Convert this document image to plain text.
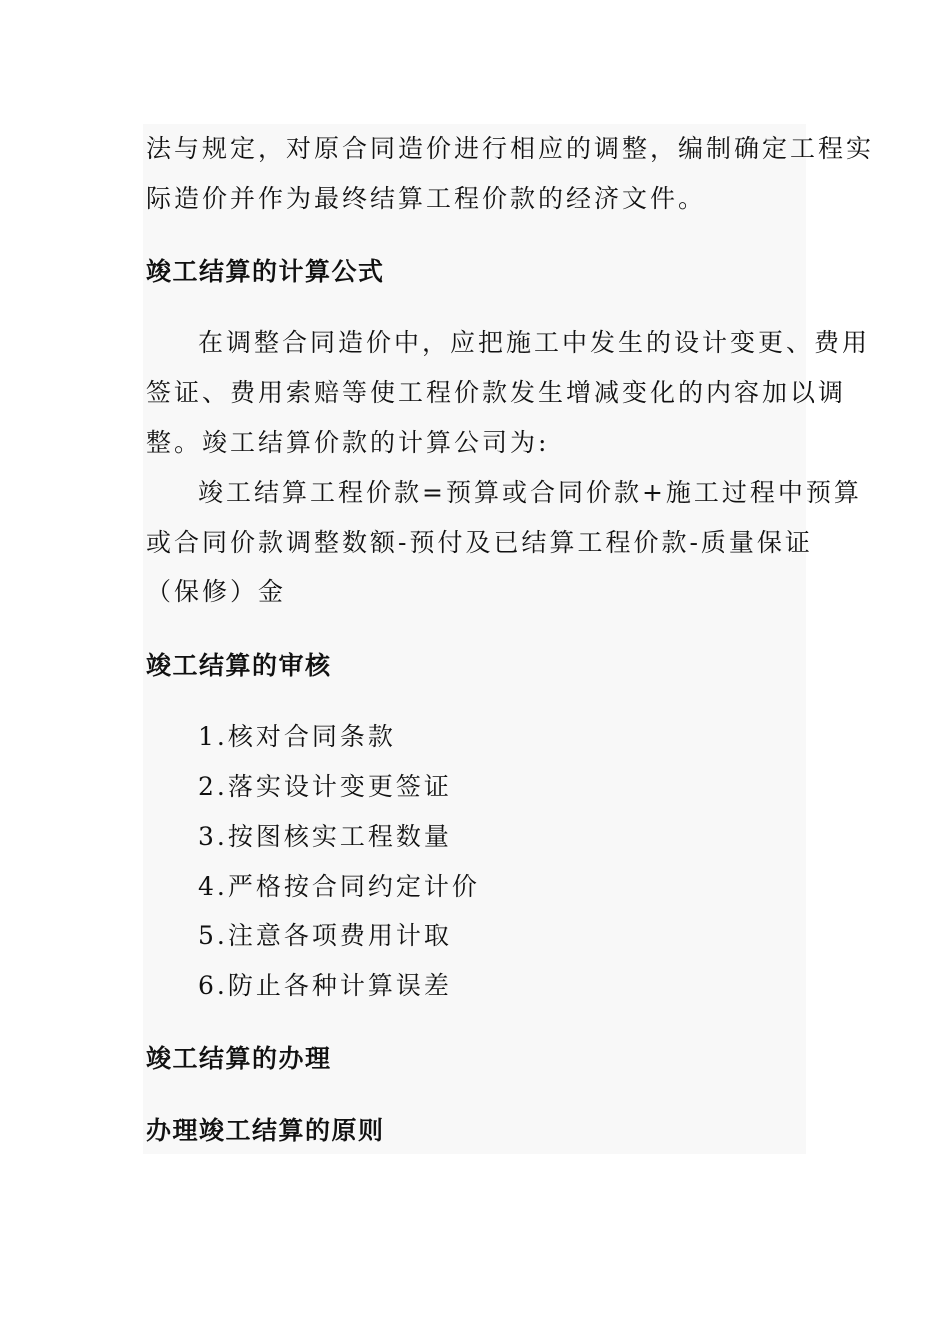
法与规定，对原合同造价进行相应的调整，编制确定工程实
际造价并作为最终结算工程价款的经济文件。
竣工结算的计算公式
在调整合同造价中，应把施工中发生的设计变更、费用
签证、费用索赔等使工程价款发生增减变化的内容加以调
整。竣工结算价款的计算公司为:
竣工结算工程价款=预算或合同价款+施工过程中预算
或合同价款调整数额-预付及已结算工程价款-质量保证
（保修）金
竣工结算的审核
1.核对合同条款
2.落实设计变更签证
3.按图核实工程数量
4.严格按合同约定计价
5.注意各项费用计取
6.防止各种计算误差
竣工结算的办理
办理竣工结算的原则
